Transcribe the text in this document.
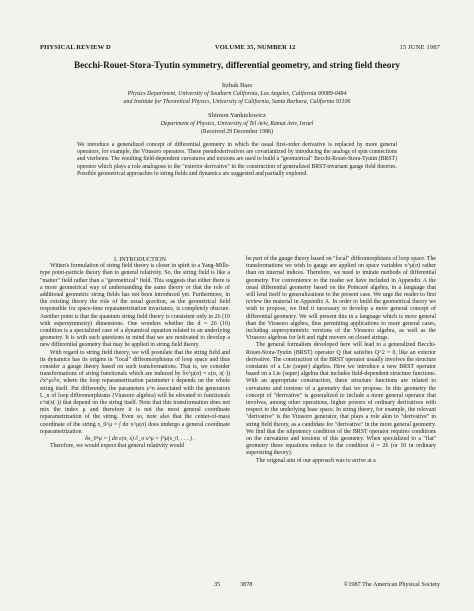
PHYSICAL REVIEW D	VOLUME 35, NUMBER 12	15 JUNE 1987
Becchi-Rouet-Stora-Tyutin symmetry, differential geometry, and string field theory
Itzhak Bars
Physics Department, University of Southern California, Los Angeles, California 90089-0484
and Institute for Theoretical Physics, University of California, Santa Barbara, California 93106
Shimon Yankielowicz
Department of Physics, University of Tel Aviv, Ramat Aviv, Israel
(Received 29 December 1986)

We introduce a generalized concept of differential geometry in which the usual first-order derivative is replaced by more general operators, for example, the Virasoro operators. These pseudoderivatives are covariantized by introducing the analogs of spin connections and vierbeins. The resulting field-dependent curvatures and torsions are used to build a "geometrical" Becchi-Rouet-Stora-Tyutin (BRST) operator which plays a role analogous to the "exterior derivative" in the construction of generalized BRST-invariant gauge field theories. Possible geometrical approaches to string fields and dynamics are suggested and partially explored.

I. INTRODUCTION

Witten's formulation of string field theory is closer in spirit to a Yang-Mills-type point-particle theory than to general relativity. So, the string field is like a "matter" field rather than a "geometrical" field. This suggests that either there is a more geometrical way of understanding the same theory or that the role of additional geometric string fields has not been introduced yet. Furthermore, in the existing theory the role of the usual graviton, as the geometrical field responsible for space-time reparametrization invariance, is completely obscure. Another point is that the quantum string field theory is consistent only in 26 (10 with supersymmetry) dimensions. One wonders whether the d = 26 (10) condition is a specialized case of a dynamical equation related to an underlying geometry. It is with such questions in mind that we are motivated to develop a new differential geometry that may be applied in string field theory.

With regard to string field theory, we will postulate that the string field and its dynamics has its origins in "local" diffeomorphisms of loop space and thus consider a gauge theory based on such transformations. That is, we consider transformations of string functionals which are induced by δx^μ(σ) = ε(σ, x(·)) ∂x^μ/∂σ, where the loop reparametrization parameter ε depends on the whole string itself. Put differently, the parameters ε^n associated with the generators L_n of loop diffeomorphisms (Virasoro algebra) will be elevated to functionals ε^n(x(·)) that depend on the string itself. Note that this transformation does not mix the index μ and therefore it is not the most general coordinate reparametrization of the string. Even so, note also that the center-of-mass coordinate of the string x_0^μ = ∫ dσ x^μ(σ) does undergo a general coordinate reparametrization

δx_0^μ = ∫ dσ ε(σ, x) ∂_σ x^μ = f^μ(x_0, . . . ) .

Therefore, we would expect that general relativity would

be part of the gauge theory based on "local" diffeomorphisms of loop space. The transformations we wish to gauge are applied on space variables x^μ(σ) rather than on internal indices. Therefore, we need to imitate methods of differential geometry. For convenience to the reader we have included in Appendix A the usual differential geometry based on the Poincaré algebra, in a language that will lend itself to generalizations to the present case. We urge the reader to first review the material in Appendix A. In order to build the geometrical theory we wish to propose, we find it necessary to develop a more general concept of differential geometry. We will present this in a language which is more general than the Virasoro algebra, thus permitting applications to more general cases, including supersymmetric versions of the Virasoro algebra, as well as the Virasoro algebras for left and right movers on closed strings.

The general formalism developed here will lead to a generalized Becchi-Rouet-Stora-Tyutin (BRST) operator Q that satisfies Q^2 = 0, like an exterior derivative. The construction of the BRST operator usually involves the structure constants of a Lie (super) algebra. Here we introduce a new BRST operator based on a Lie (super) algebra that includes field-dependent structure functions. With an appropriate construction, these structure functions are related to curvatures and torsions of a geometry that we propose. In this geometry the concept of "derivative" is generalized to include a more general operator that involves, among other operations, higher powers of ordinary derivatives with respect to the underlying base space. In string theory, for example, the relevant "derivative" is the Virasoro generator, that plays a role akin to "derivative" in string field theory, as a candidate for "derivative" in the more general geometry. We find that the nilpotency condition of the BRST operator requires conditions on the curvatures and torsions of this geometry. When specialized to a "flat" geometry these equations reduce to the condition d = 26 (or 10 in ordinary superstring theory).

The original aim of our approach was to arrive at a

35	3878	©1987 The American Physical Society
